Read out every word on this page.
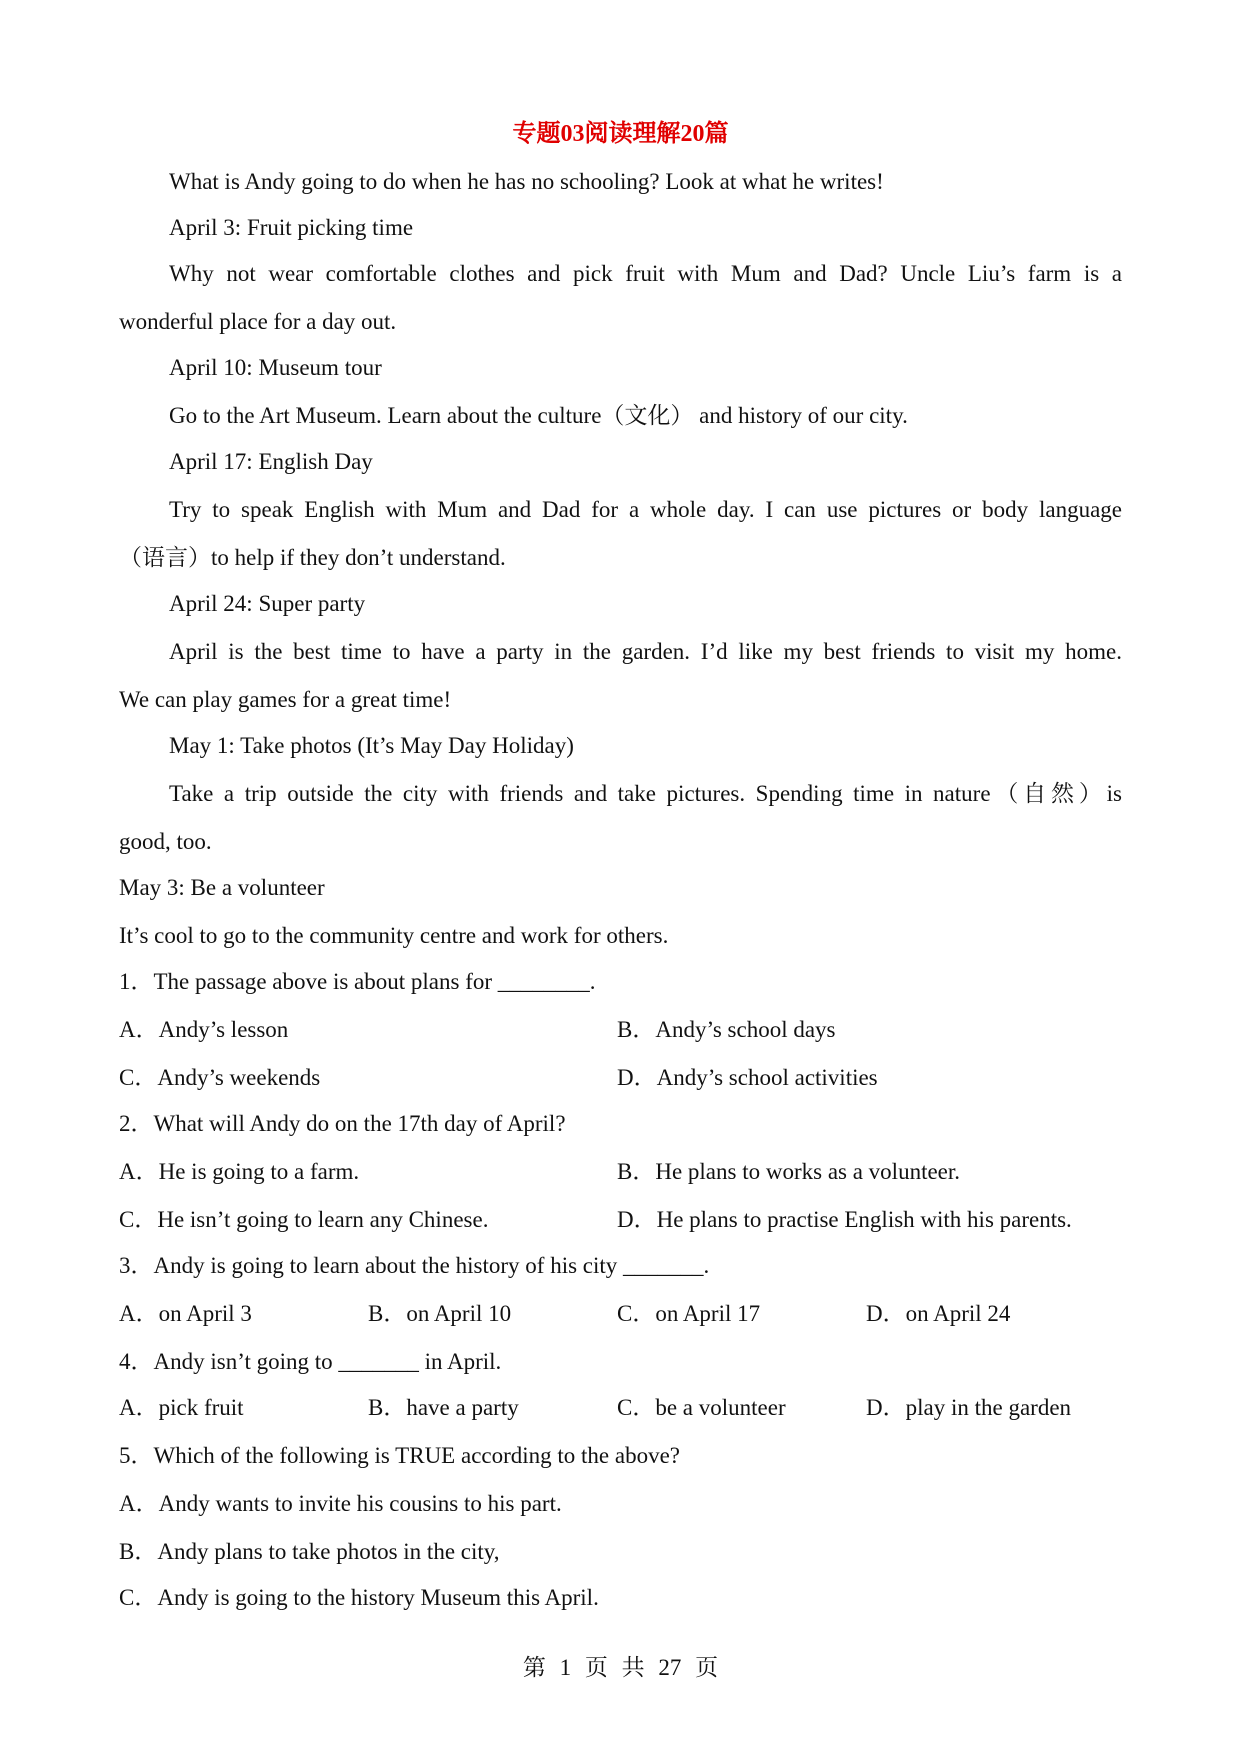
专题03阅读理解20篇
What is Andy going to do when he has no schooling? Look at what he writes!
April 3: Fruit picking time
Why not wear comfortable clothes and pick fruit with Mum and Dad? Uncle Liu’s farm is a
wonderful place for a day out.
April 10: Museum tour
Go to the Art Museum. Learn about the culture（文化） and history of our city.
April 17: English Day
Try to speak English with Mum and Dad for a whole day. I can use pictures or body language
（语言）to help if they don’t understand.
April 24: Super party
April is the best time to have a party in the garden. I’d like my best friends to visit my home.
We can play games for a great time!
May 1: Take photos (It’s May Day Holiday)
Take a trip outside the city with friends and take pictures. Spending time in nature（自然）is
good, too.
May 3: Be a volunteer
It’s cool to go to the community centre and work for others.
1．The passage above is about plans for ________.
A．Andy’s lesson	B．Andy’s school days
C．Andy’s weekends	D．Andy’s school activities
2．What will Andy do on the 17th day of April?
A．He is going to a farm.	B．He plans to works as a volunteer.
C．He isn’t going to learn any Chinese.	D．He plans to practise English with his parents.
3．Andy is going to learn about the history of his city _______.
A．on April 3	B．on April 10	C．on April 17	D．on April 24
4．Andy isn’t going to _______ in April.
A．pick fruit	B．have a party	C．be a volunteer	D．play in the garden
5．Which of the following is TRUE according to the above?
A．Andy wants to invite his cousins to his part.
B．Andy plans to take photos in the city,
C．Andy is going to the history Museum this April.
第 1 页 共 27 页
